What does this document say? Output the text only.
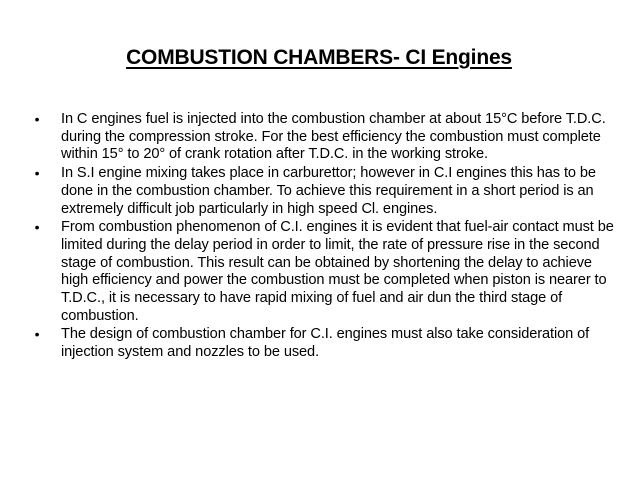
COMBUSTION CHAMBERS- CI Engines
•	In C engines fuel is injected into the combustion chamber at about 15°C before T.D.C. during the compression stroke. For the best efficiency the combustion must complete within 15° to 20° of crank rotation after T.D.C. in the working stroke.
•	In S.I engine mixing takes place in carburettor; however in C.I engines this has to be done in the combustion chamber. To achieve this requirement in a short period is an extremely difficult job particularly in high speed Cl. engines.
•	From combustion phenomenon of C.I. engines it is evident that fuel-air contact must be limited during the delay period in order to limit, the rate of pressure rise in the second stage of combustion. This result can be obtained by shortening the delay to achieve high efficiency and power the combustion must be completed when piston is nearer to T.D.C., it is necessary to have rapid mixing of fuel and air dun the third stage of combustion.
•	The design of combustion chamber for C.I. engines must also take consideration of injection system and nozzles to be used.
